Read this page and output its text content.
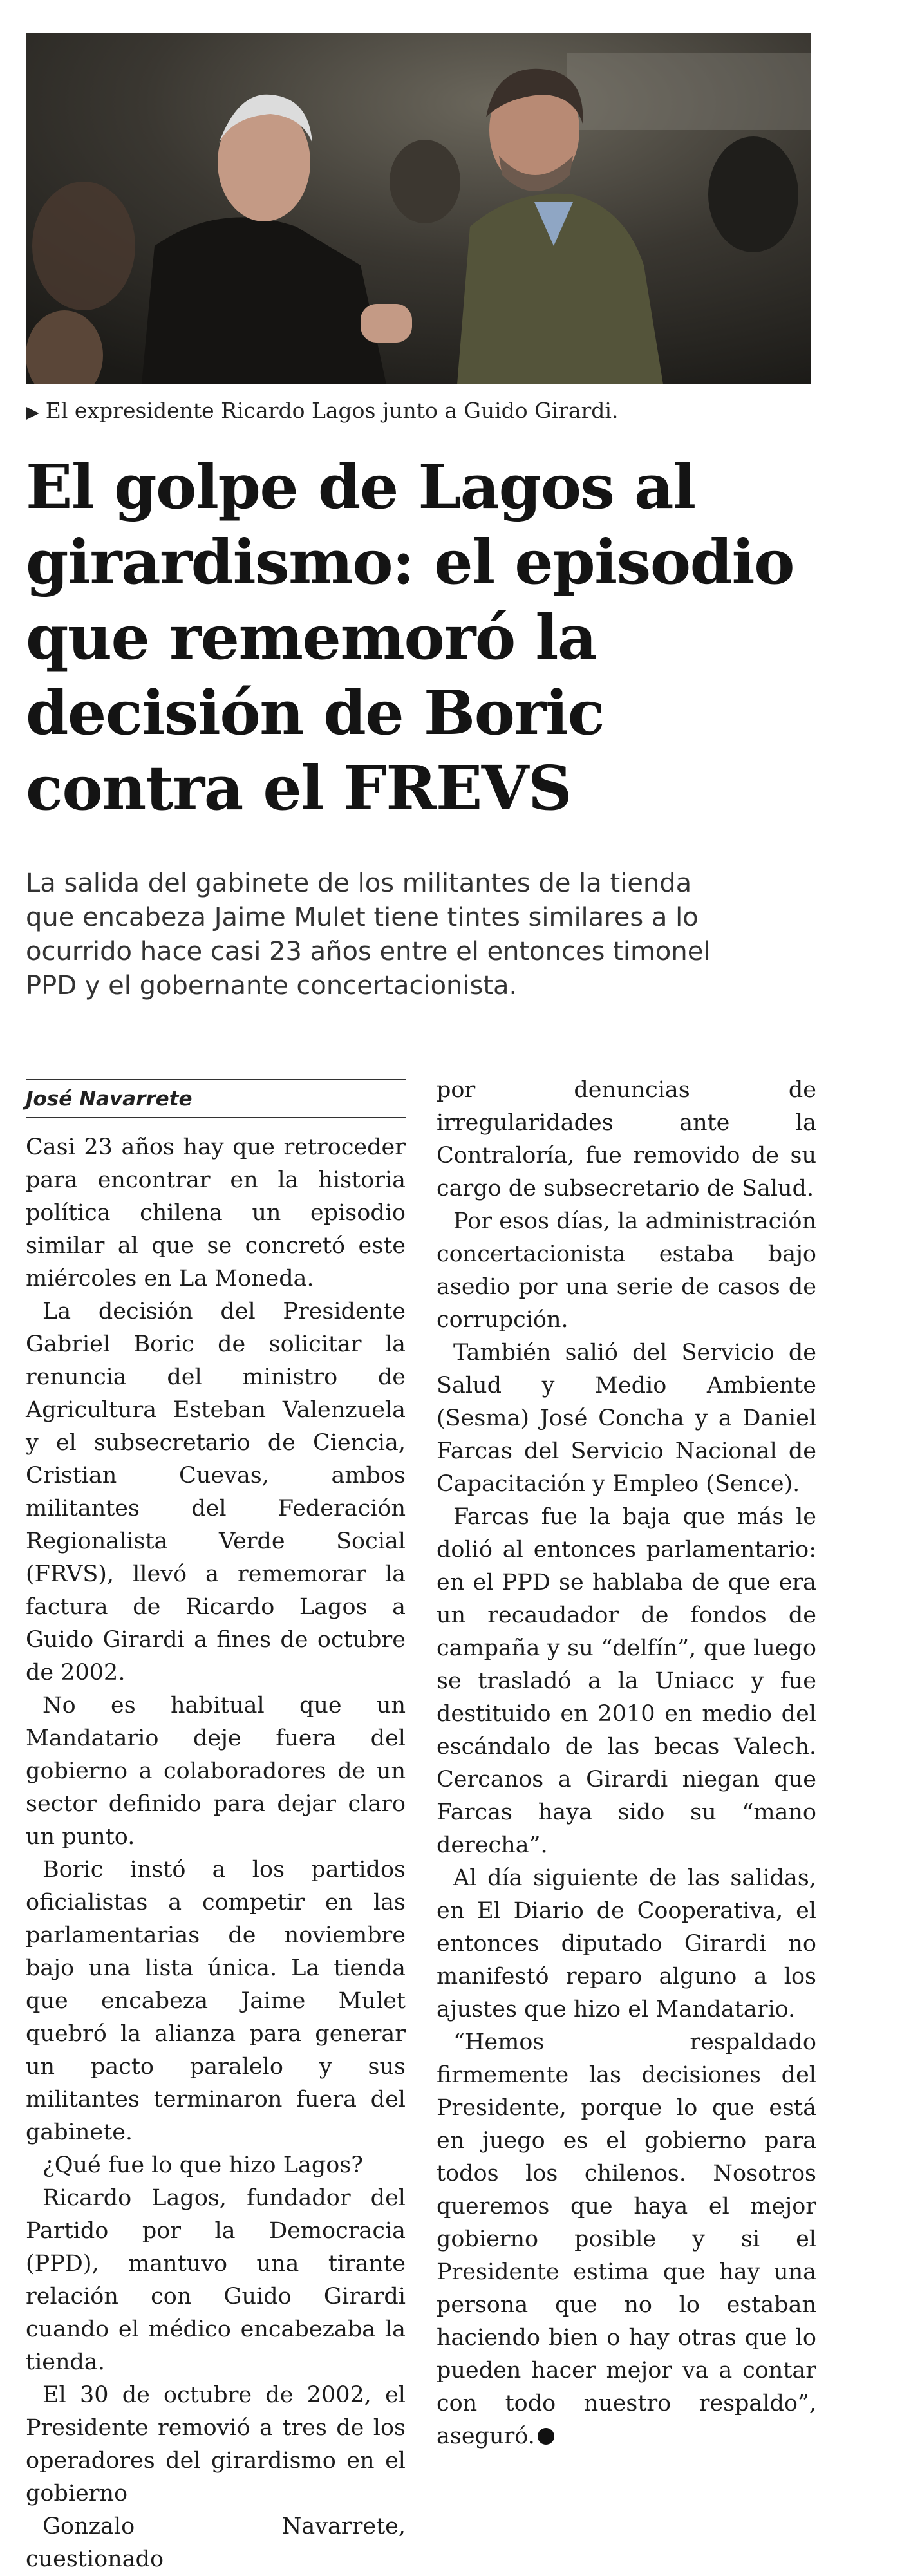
▶ El expresidente Ricardo Lagos junto a Guido Girardi.
El golpe de Lagos al
girardismo: el episodio
que rememoró la
decisión de Boric
contra el FREVS
La salida del gabinete de los militantes de la tienda
que encabeza Jaime Mulet tiene tintes similares a lo
ocurrido hace casi 23 años entre el entonces timonel
PPD y el gobernante concertacionista.
José Navarrete

Casi 23 años hay que retroceder para encontrar en la historia política chilena un episodio similar al que se concretó este miércoles en La Moneda.

La decisión del Presidente Gabriel Boric de solicitar la renuncia del ministro de Agricultura Esteban Valenzuela y el subsecretario de Ciencia, Cristian Cuevas, ambos militantes del Federación Regionalista Verde Social (FRVS), llevó a rememorar la factura de Ricardo Lagos a Guido Girardi a fines de octubre de 2002.

No es habitual que un Mandatario deje fuera del gobierno a colaboradores de un sector definido para dejar claro un punto.

Boric instó a los partidos oficialistas a competir en las parlamentarias de noviembre bajo una lista única. La tienda que encabeza Jaime Mulet quebró la alianza para generar un pacto paralelo y sus militantes terminaron fuera del gabinete.

¿Qué fue lo que hizo Lagos?

Ricardo Lagos, fundador del Partido por la Democracia (PPD), mantuvo una tirante relación con Guido Girardi cuando el médico encabezaba la tienda.

El 30 de octubre de 2002, el Presidente removió a tres de los operadores del girardismo en el gobierno

Gonzalo Navarrete, cuestionado

por denuncias de irregularidades ante la Contraloría, fue removido de su cargo de subsecretario de Salud.

Por esos días, la administración concertacionista estaba bajo asedio por una serie de casos de corrupción.

También salió del Servicio de Salud y Medio Ambiente (Sesma) José Concha y a Daniel Farcas del Servicio Nacional de Capacitación y Empleo (Sence).

Farcas fue la baja que más le dolió al entonces parlamentario: en el PPD se hablaba de que era un recaudador de fondos de campaña y su “delfín”, que luego se trasladó a la Uniacc y fue destituido en 2010 en medio del escándalo de las becas Valech. Cercanos a Girardi niegan que Farcas haya sido su “mano derecha”.

Al día siguiente de las salidas, en El Diario de Cooperativa, el entonces diputado Girardi no manifestó reparo alguno a los ajustes que hizo el Mandatario.

“Hemos respaldado firmemente las decisiones del Presidente, porque lo que está en juego es el gobierno para todos los chilenos. Nosotros queremos que haya el mejor gobierno posible y si el Presidente estima que hay una persona que no lo estaban haciendo bien o hay otras que lo pueden hacer mejor va a contar con todo nuestro respaldo”, aseguró.
